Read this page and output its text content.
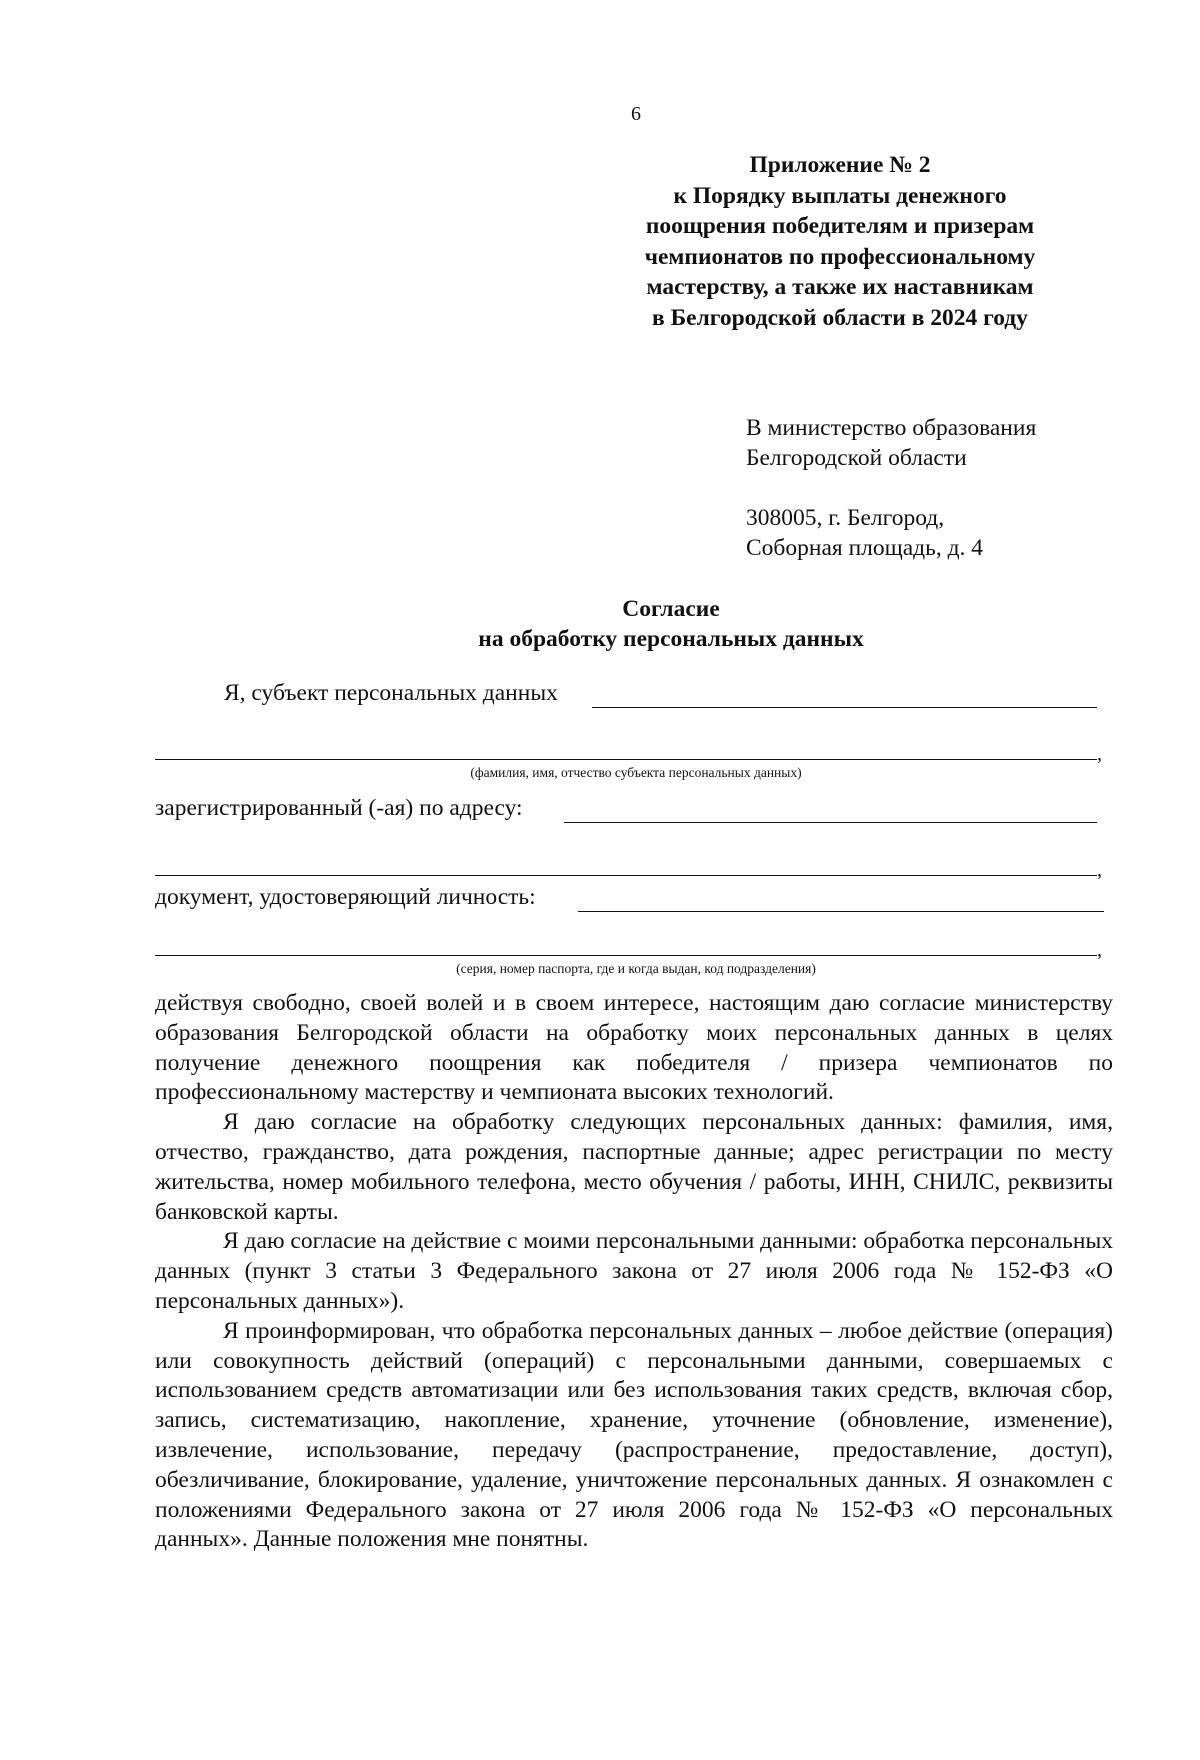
6
Приложение № 2
к Порядку выплаты денежного
поощрения победителям и призерам
чемпионатов по профессиональному
мастерству, а также их наставникам
в Белгородской области в 2024 году
В министерство образования
Белгородской области
308005, г. Белгород,
Соборная площадь, д. 4
Согласие
на обработку персональных данных
Я, субъект персональных данных
,
(фамилия, имя, отчество субъекта персональных данных)
зарегистрированный (-ая) по адресу:
,
документ, удостоверяющий личность:
,
(серия, номер паспорта, где и когда выдан, код подразделения)

действуя свободно, своей волей и в своем интересе, настоящим даю согласие министерству образования Белгородской области на обработку моих персональных данных в целях получение денежного поощрения как победителя / призера чемпионатов по профессиональному мастерству и чемпионата высоких технологий.

Я даю согласие на обработку следующих персональных данных: фамилия, имя, отчество, гражданство, дата рождения, паспортные данные; адрес регистрации по месту жительства, номер мобильного телефона, место обучения / работы, ИНН, СНИЛС, реквизиты банковской карты.

Я даю согласие на действие с моими персональными данными: обработка персональных данных (пункт 3 статьи 3 Федерального закона от 27 июля 2006 года № 152-ФЗ «О персональных данных»).

Я проинформирован, что обработка персональных данных – любое действие (операция) или совокупность действий (операций) с персональными данными, совершаемых с использованием средств автоматизации или без использования таких средств, включая сбор, запись, систематизацию, накопление, хранение, уточнение (обновление, изменение), извлечение, использование, передачу (распространение, предоставление, доступ), обезличивание, блокирование, удаление, уничтожение персональных данных. Я ознакомлен с положениями Федерального закона от 27 июля 2006 года № 152-ФЗ «О персональных данных». Данные положения мне понятны.
